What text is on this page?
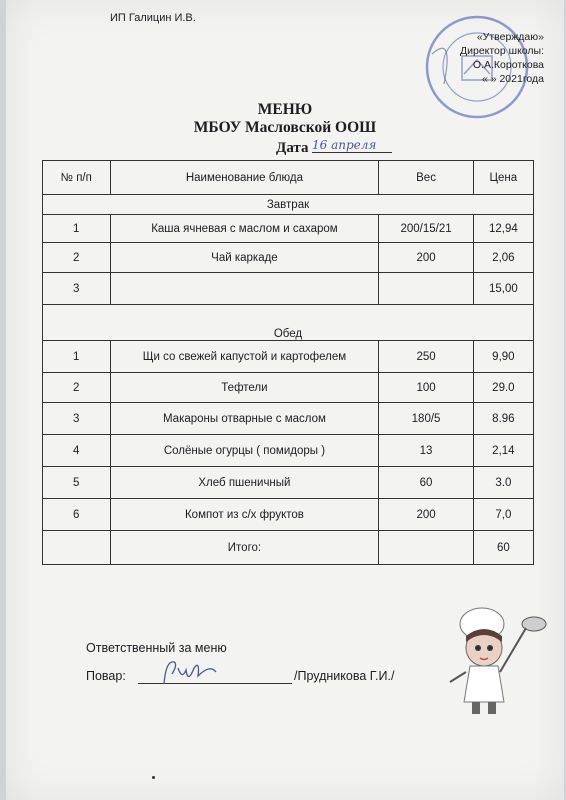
ИП Галицин И.В.
«Утверждаю»
Директор школы:
О.А.Короткова
« » 2021года
МЕНЮ
МБОУ Масловской ООШ
Дата 16 апреля
№ п/п	Наименование блюда	Вес	Цена
Завтрак			
1	Каша ячневая с маслом и сахаром	200/15/21	12,94
2	Чай каркаде	200	2,06
3			15,00
Обед			
1	Щи со свежей капустой и картофелем	250	9,90
2	Тефтели	100	29.0
3	Макароны отварные с маслом	180/5	8.96
4	Солёные огурцы ( помидоры )	13	2,14
5	Хлеб пшеничный	60	3.0
6	Компот из с/х фруктов	200	7,0
	Итого:		60
Ответственный за меню
Повар:	/Прудникова Г.И./
